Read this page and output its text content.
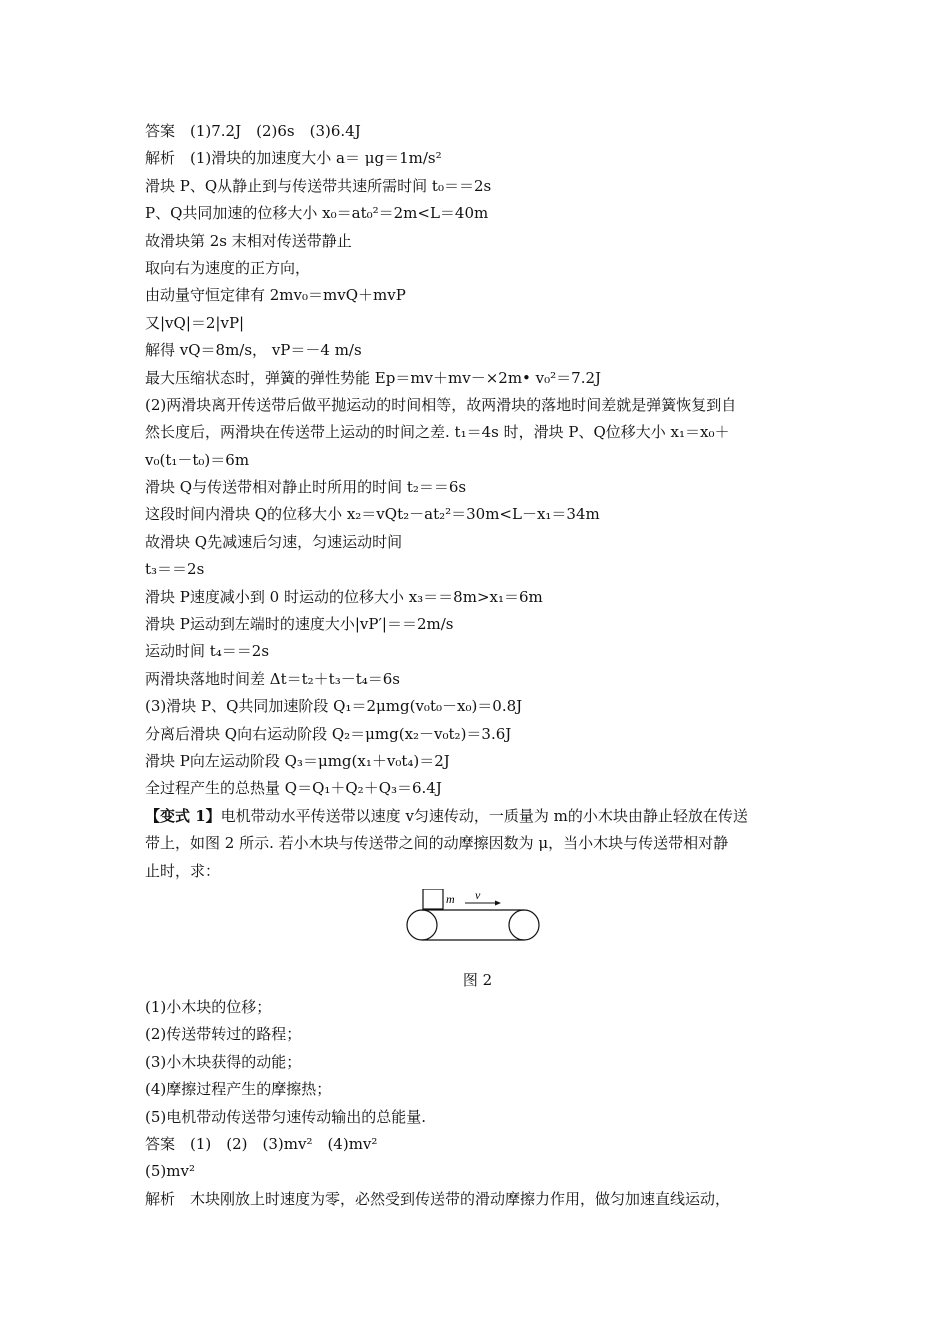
答案　(1)7.2J　(2)6s　(3)6.4J
解析　(1)滑块的加速度大小 a＝ μg＝1m/s²
滑块 P、Q从静止到与传送带共速所需时间 t₀＝＝2s
P、Q共同加速的位移大小 x₀＝at₀²＝2m<L＝40m
故滑块第 2s 末相对传送带静止
取向右为速度的正方向，
由动量守恒定律有 2mv₀＝mvQ＋mvP
又|vQ|＝2|vP|
解得 vQ＝8m/s， vP＝－4 m/s
最大压缩状态时，弹簧的弹性势能 Ep＝mv＋mv－×2m• v₀²＝7.2J
(2)两滑块离开传送带后做平抛运动的时间相等，故两滑块的落地时间差就是弹簧恢复到自
然长度后，两滑块在传送带上运动的时间之差. t₁＝4s 时，滑块 P、Q位移大小 x₁＝x₀＋
v₀(t₁－t₀)＝6m
滑块 Q与传送带相对静止时所用的时间 t₂＝＝6s
这段时间内滑块 Q的位移大小 x₂＝vQt₂－at₂²＝30m<L－x₁＝34m
故滑块 Q先减速后匀速，匀速运动时间
t₃＝＝2s
滑块 P速度减小到 0 时运动的位移大小 x₃＝＝8m>x₁＝6m
滑块 P运动到左端时的速度大小|vP′|＝＝2m/s
运动时间 t₄＝＝2s
两滑块落地时间差 Δt＝t₂＋t₃－t₄＝6s
(3)滑块 P、Q共同加速阶段 Q₁＝2μmg(v₀t₀－x₀)＝0.8J
分离后滑块 Q向右运动阶段 Q₂＝μmg(x₂－v₀t₂)＝3.6J
滑块 P向左运动阶段 Q₃＝μmg(x₁＋v₀t₄)＝2J
全过程产生的总热量 Q＝Q₁＋Q₂＋Q₃＝6.4J
【变式 1】电机带动水平传送带以速度 v匀速传动，一质量为 m的小木块由静止轻放在传送
带上，如图 2 所示. 若小木块与传送带之间的动摩擦因数为 μ，当小木块与传送带相对静
止时，求：
m v
图 2
(1)小木块的位移；
(2)传送带转过的路程；
(3)小木块获得的动能；
(4)摩擦过程产生的摩擦热；
(5)电机带动传送带匀速传动输出的总能量.
答案　(1)　(2)　(3)mv²　(4)mv²
(5)mv²
解析　木块刚放上时速度为零，必然受到传送带的滑动摩擦力作用，做匀加速直线运动，
